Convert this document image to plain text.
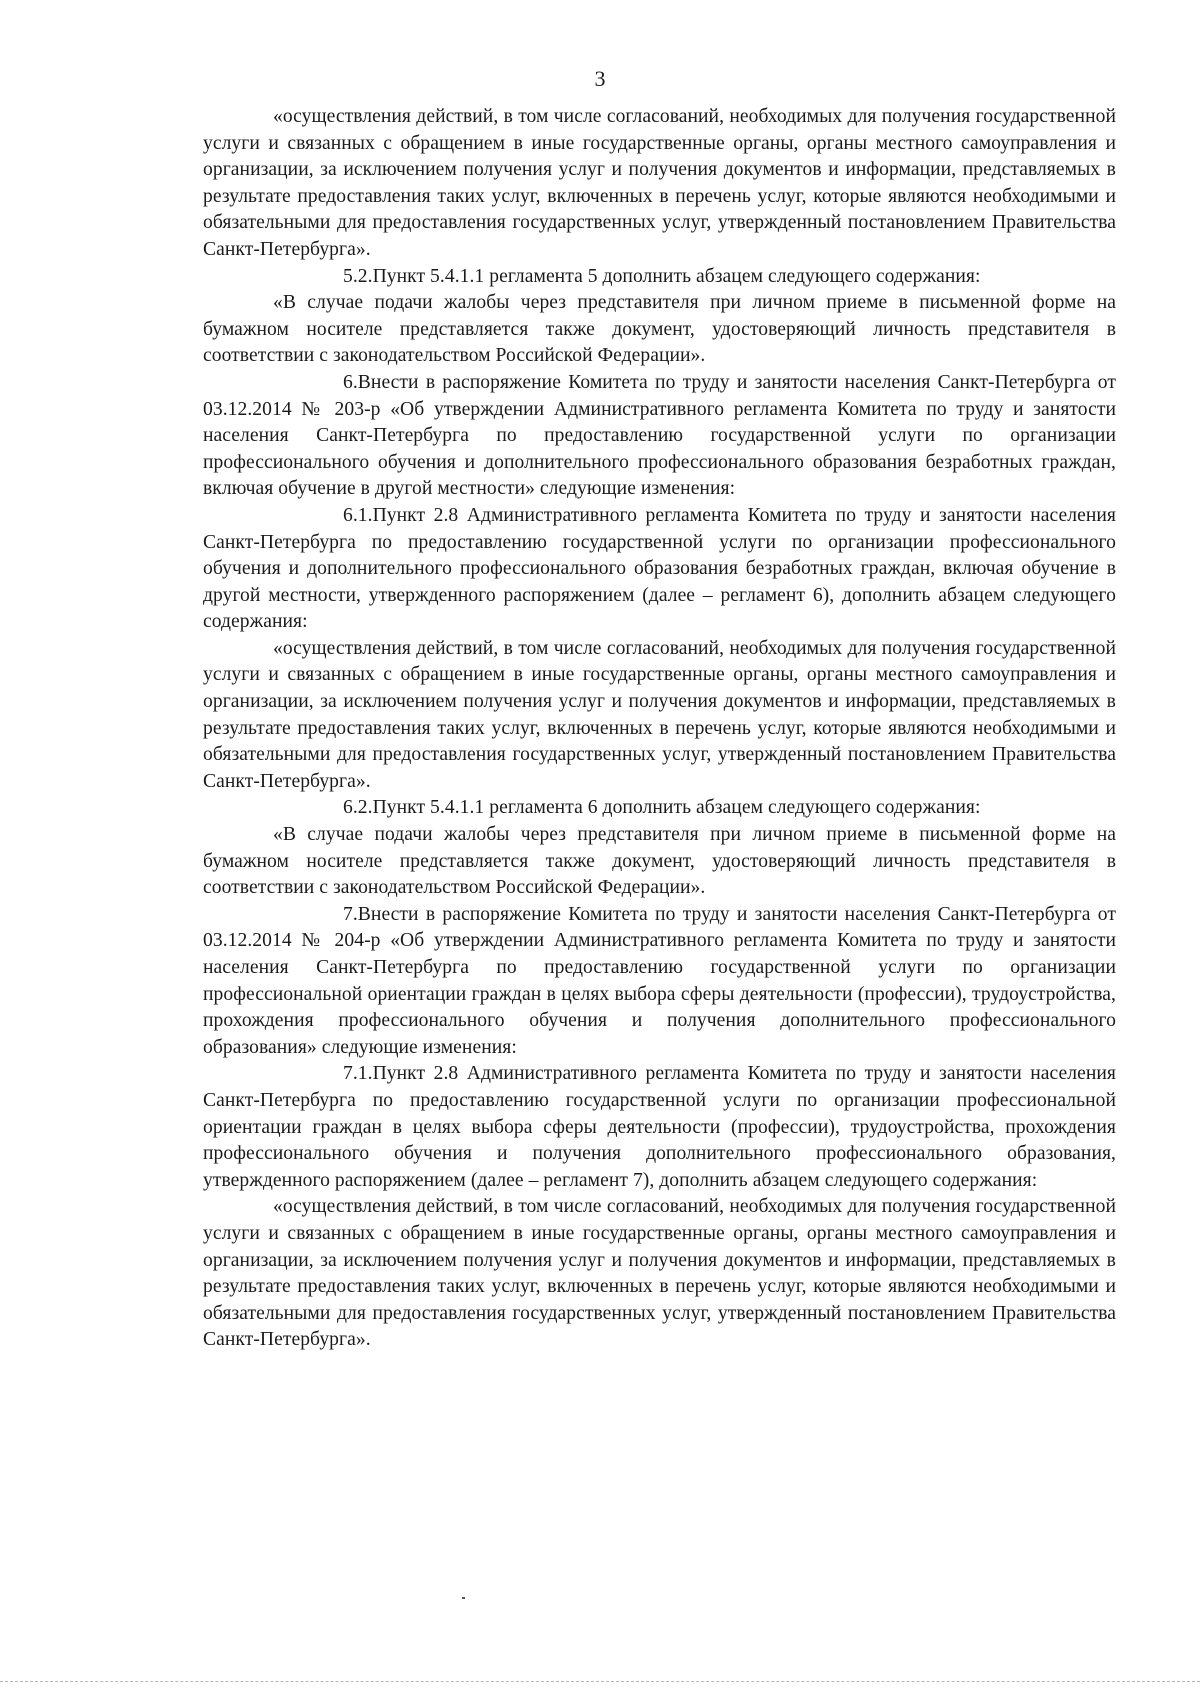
3

«осуществления действий, в том числе согласований, необходимых для получения государственной услуги и связанных с обращением в иные государственные органы, органы местного самоуправления и организации, за исключением получения услуг и получения документов и информации, представляемых в результате предоставления таких услуг, включенных в перечень услуг, которые являются необходимыми и обязательными для предоставления государственных услуг, утвержденный постановлением Правительства Санкт-Петербурга».

5.2.Пункт 5.4.1.1 регламента 5 дополнить абзацем следующего содержания:

«В случае подачи жалобы через представителя при личном приеме в письменной форме на бумажном носителе представляется также документ, удостоверяющий личность представителя в соответствии с законодательством Российской Федерации».

6.Внести в распоряжение Комитета по труду и занятости населения Санкт-Петербурга от 03.12.2014 № 203-р «Об утверждении Административного регламента Комитета по труду и занятости населения Санкт-Петербурга по предоставлению государственной услуги по организации профессионального обучения и дополнительного профессионального образования безработных граждан, включая обучение в другой местности» следующие изменения:

6.1.Пункт 2.8 Административного регламента Комитета по труду и занятости населения Санкт-Петербурга по предоставлению государственной услуги по организации профессионального обучения и дополнительного профессионального образования безработных граждан, включая обучение в другой местности, утвержденного распоряжением (далее – регламент 6), дополнить абзацем следующего содержания:

«осуществления действий, в том числе согласований, необходимых для получения государственной услуги и связанных с обращением в иные государственные органы, органы местного самоуправления и организации, за исключением получения услуг и получения документов и информации, представляемых в результате предоставления таких услуг, включенных в перечень услуг, которые являются необходимыми и обязательными для предоставления государственных услуг, утвержденный постановлением Правительства Санкт-Петербурга».

6.2.Пункт 5.4.1.1 регламента 6 дополнить абзацем следующего содержания:

«В случае подачи жалобы через представителя при личном приеме в письменной форме на бумажном носителе представляется также документ, удостоверяющий личность представителя в соответствии с законодательством Российской Федерации».

7.Внести в распоряжение Комитета по труду и занятости населения Санкт-Петербурга от 03.12.2014 № 204-р «Об утверждении Административного регламента Комитета по труду и занятости населения Санкт-Петербурга по предоставлению государственной услуги по организации профессиональной ориентации граждан в целях выбора сферы деятельности (профессии), трудоустройства, прохождения профессионального обучения и получения дополнительного профессионального образования» следующие изменения:

7.1.Пункт 2.8 Административного регламента Комитета по труду и занятости населения Санкт-Петербурга по предоставлению государственной услуги по организации профессиональной ориентации граждан в целях выбора сферы деятельности (профессии), трудоустройства, прохождения профессионального обучения и получения дополнительного профессионального образования, утвержденного распоряжением (далее – регламент 7), дополнить абзацем следующего содержания:

«осуществления действий, в том числе согласований, необходимых для получения государственной услуги и связанных с обращением в иные государственные органы, органы местного самоуправления и организации, за исключением получения услуг и получения документов и информации, представляемых в результате предоставления таких услуг, включенных в перечень услуг, которые являются необходимыми и обязательными для предоставления государственных услуг, утвержденный постановлением Правительства Санкт-Петербурга».
